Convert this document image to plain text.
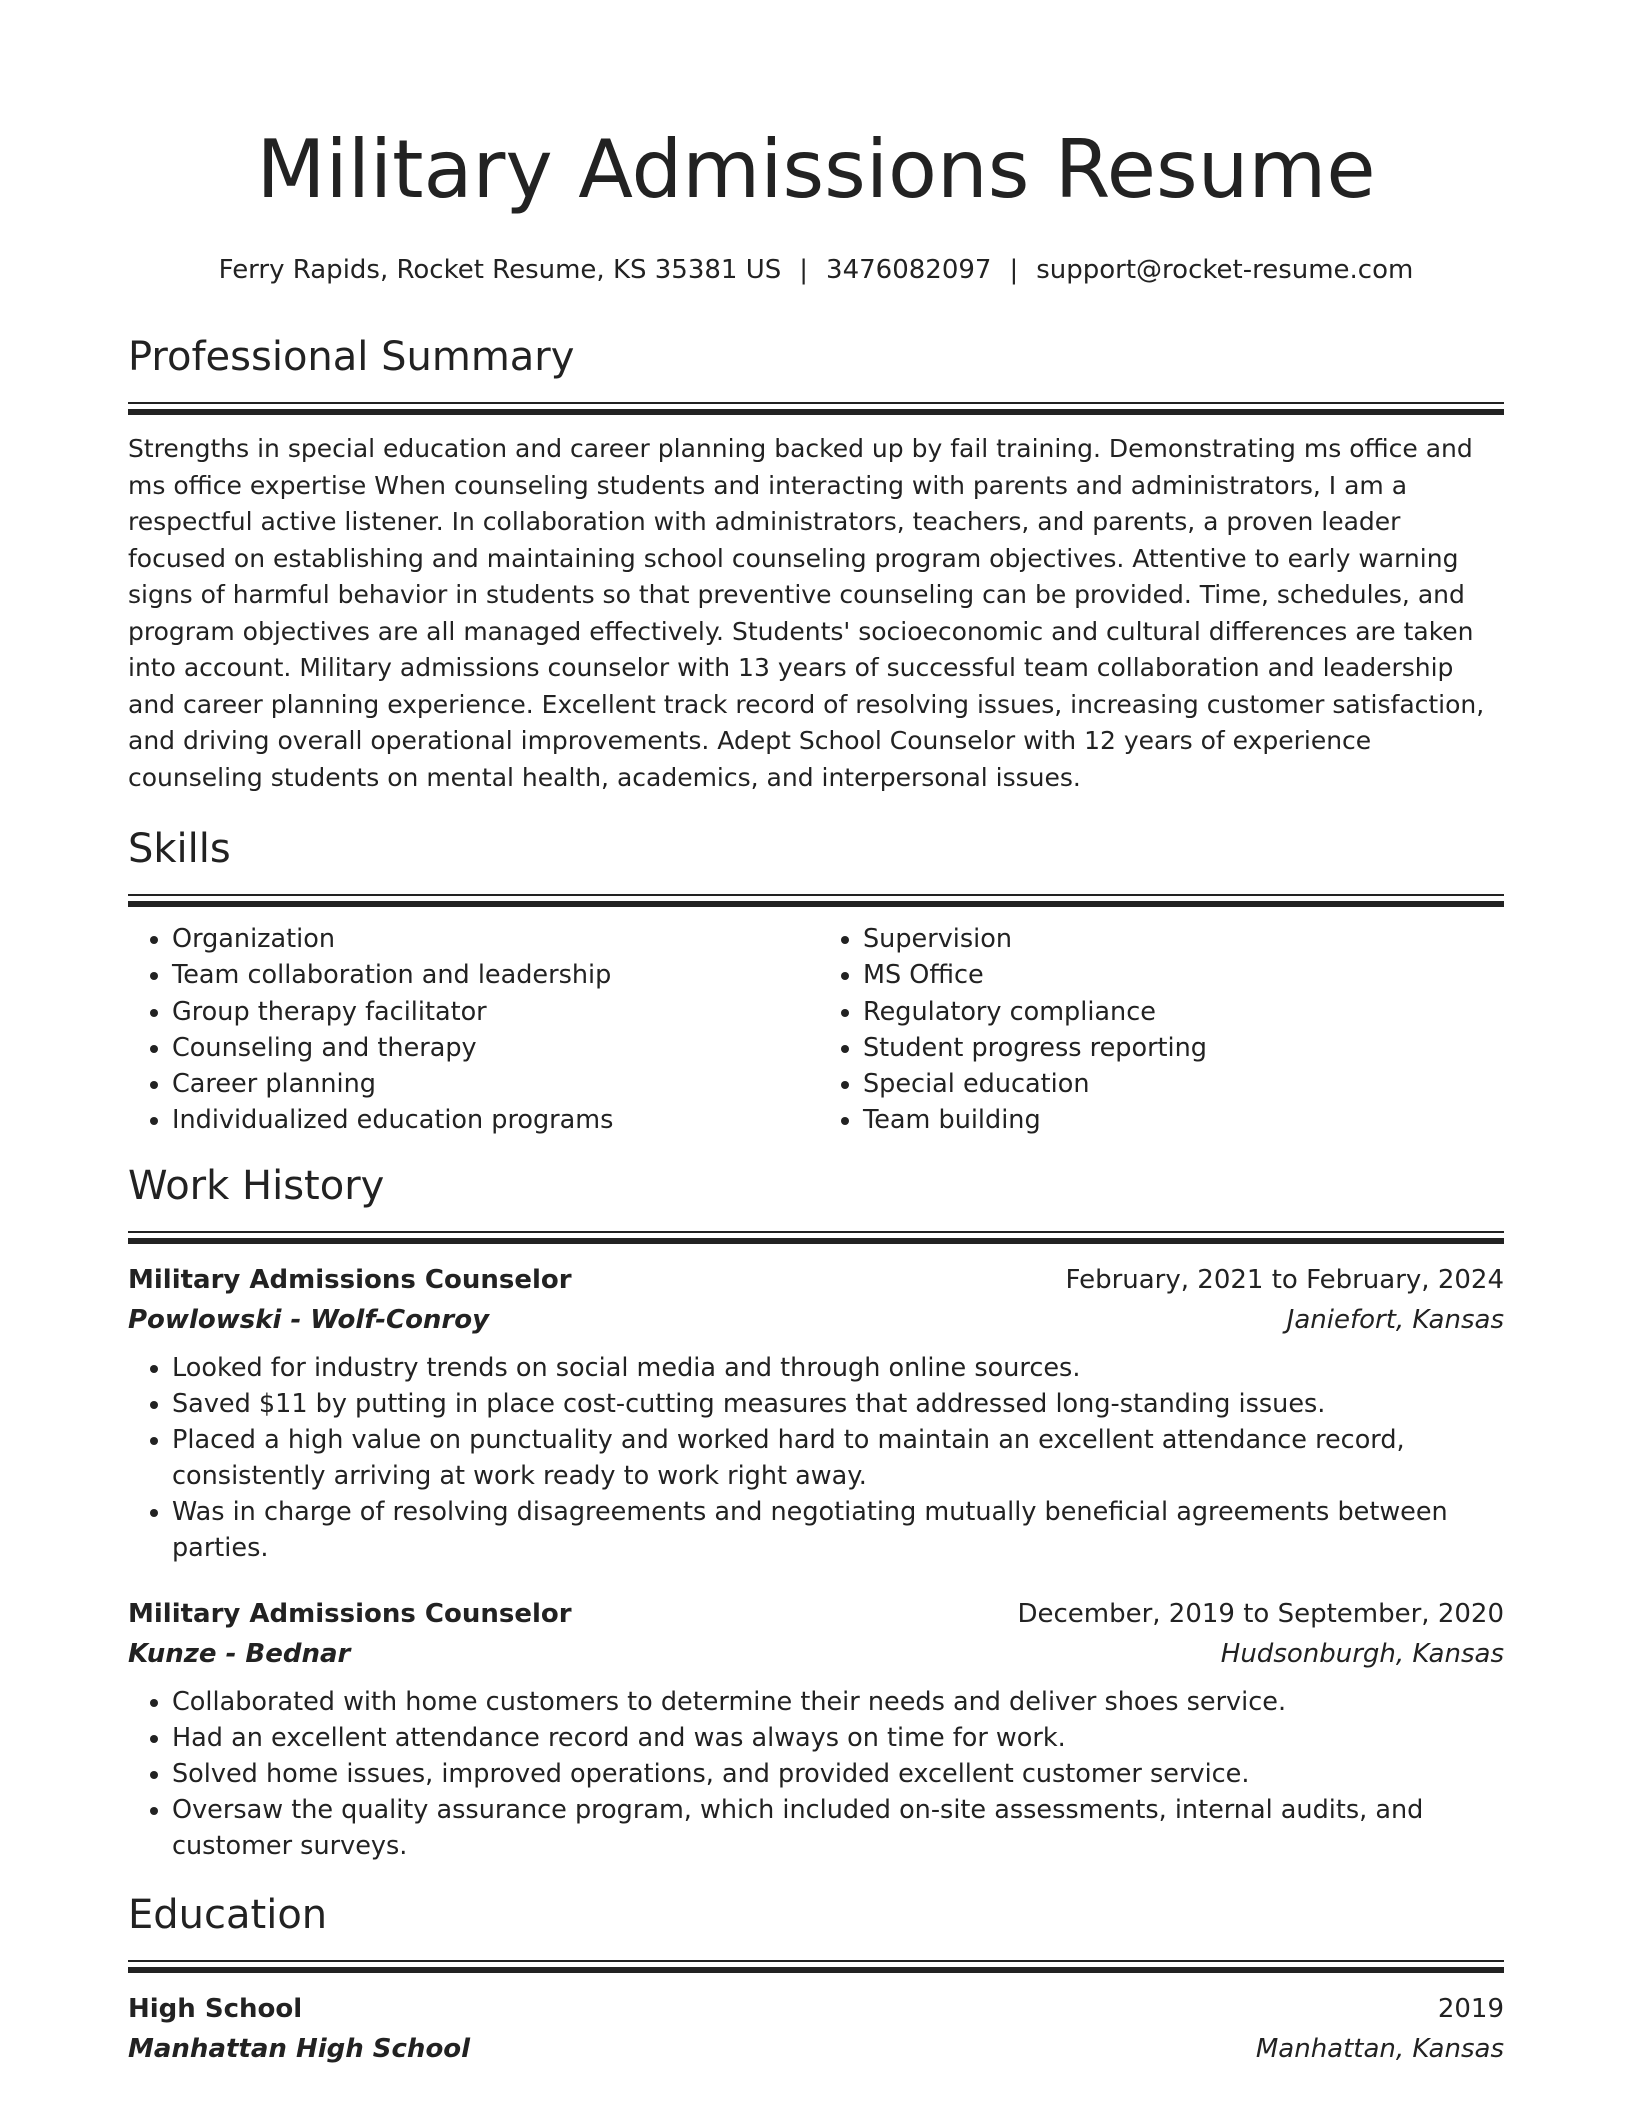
Military Admissions Resume
Ferry Rapids, Rocket Resume, KS 35381 US | 3476082097 | support@rocket-resume.com
Professional Summary

Strengths in special education and career planning backed up by fail training. Demonstrating ms office and ms office expertise When counseling students and interacting with parents and administrators, I am a respectful active listener. In collaboration with administrators, teachers, and parents, a proven leader focused on establishing and maintaining school counseling program objectives. Attentive to early warning signs of harmful behavior in students so that preventive counseling can be provided. Time, schedules, and program objectives are all managed effectively. Students' socioeconomic and cultural differences are taken into account. Military admissions counselor with 13 years of successful team collaboration and leadership and career planning experience. Excellent track record of resolving issues, increasing customer satisfaction, and driving overall operational improvements. Adept School Counselor with 12 years of experience counseling students on mental health, academics, and interpersonal issues.

Skills
• Organization
• Team collaboration and leadership
• Group therapy facilitator
• Counseling and therapy
• Career planning
• Individualized education programs
• Supervision
• MS Office
• Regulatory compliance
• Student progress reporting
• Special education
• Team building
Work History
Military Admissions Counselor	February, 2021 to February, 2024
Powlowski - Wolf-Conroy	Janiefort, Kansas
• Looked for industry trends on social media and through online sources.
• Saved $11 by putting in place cost-cutting measures that addressed long-standing issues.
• Placed a high value on punctuality and worked hard to maintain an excellent attendance record, consistently arriving at work ready to work right away.
• Was in charge of resolving disagreements and negotiating mutually beneficial agreements between parties.
Military Admissions Counselor	December, 2019 to September, 2020
Kunze - Bednar	Hudsonburgh, Kansas
• Collaborated with home customers to determine their needs and deliver shoes service.
• Had an excellent attendance record and was always on time for work.
• Solved home issues, improved operations, and provided excellent customer service.
• Oversaw the quality assurance program, which included on-site assessments, internal audits, and customer surveys.
Education
High School	2019
Manhattan High School	Manhattan, Kansas
